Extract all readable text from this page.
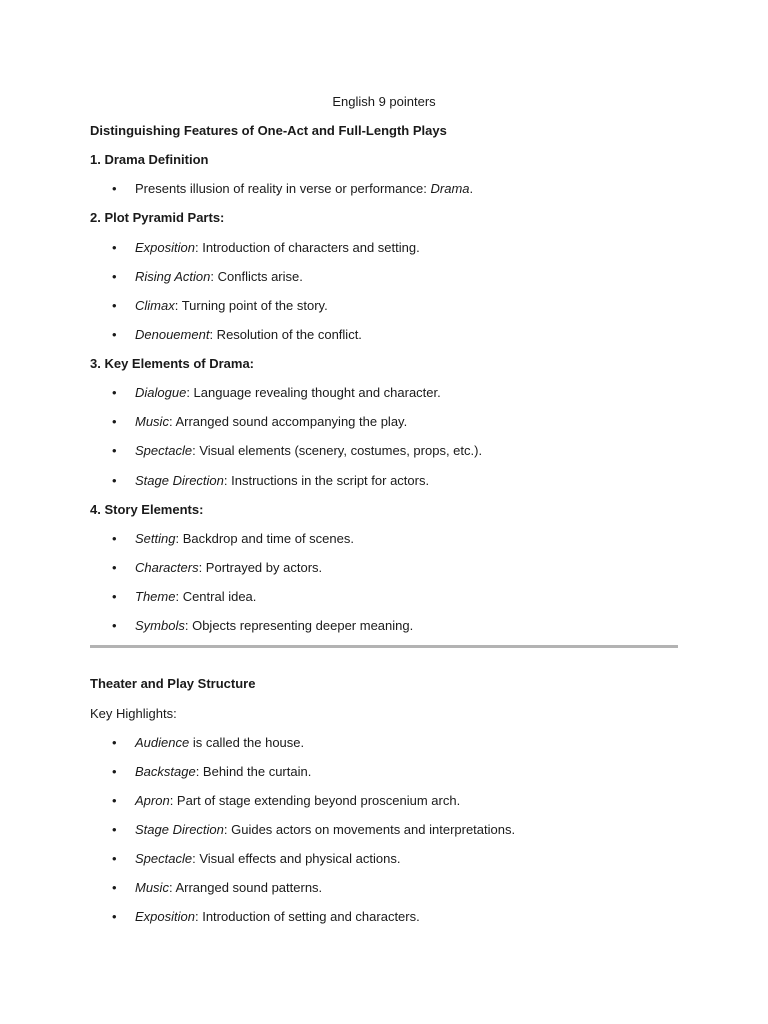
English 9 pointers
Distinguishing Features of One-Act and Full-Length Plays
1. Drama Definition
• Presents illusion of reality in verse or performance: Drama.
2. Plot Pyramid Parts:
• Exposition: Introduction of characters and setting.
• Rising Action: Conflicts arise.
• Climax: Turning point of the story.
• Denouement: Resolution of the conflict.
3. Key Elements of Drama:
• Dialogue: Language revealing thought and character.
• Music: Arranged sound accompanying the play.
• Spectacle: Visual elements (scenery, costumes, props, etc.).
• Stage Direction: Instructions in the script for actors.
4. Story Elements:
• Setting: Backdrop and time of scenes.
• Characters: Portrayed by actors.
• Theme: Central idea.
• Symbols: Objects representing deeper meaning.
Theater and Play Structure
Key Highlights:
• Audience is called the house.
• Backstage: Behind the curtain.
• Apron: Part of stage extending beyond proscenium arch.
• Stage Direction: Guides actors on movements and interpretations.
• Spectacle: Visual effects and physical actions.
• Music: Arranged sound patterns.
• Exposition: Introduction of setting and characters.
